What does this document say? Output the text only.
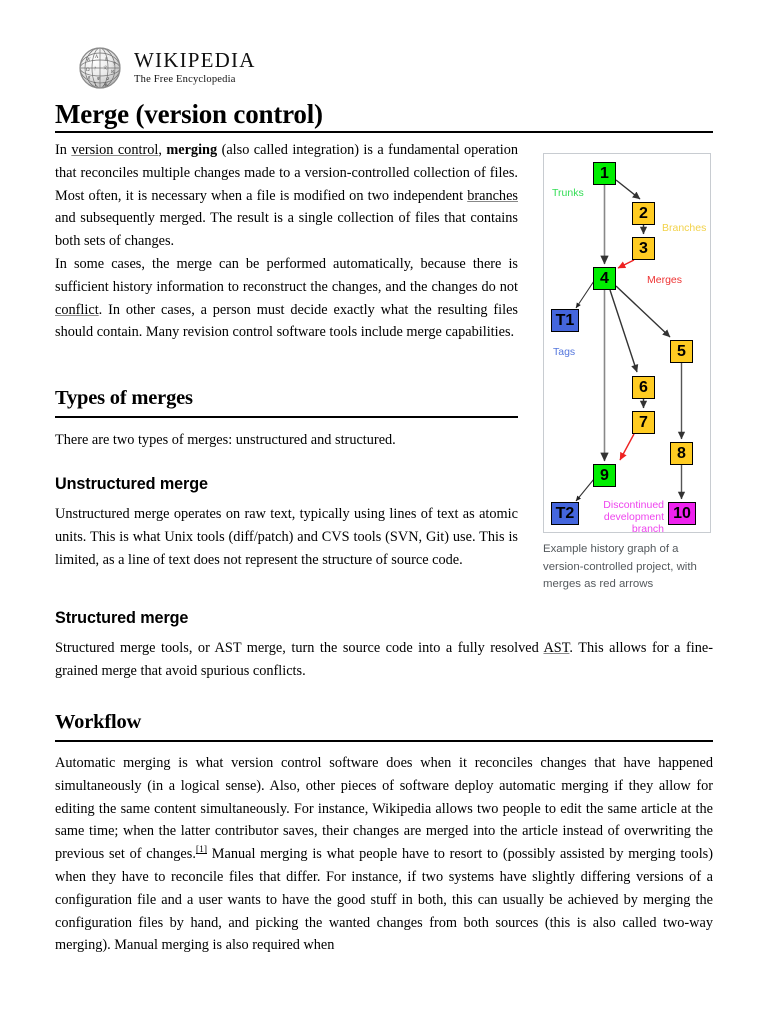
W
A я
ウ
Ω ᚠ 文
ℵ
ह क ي
ไ Ж
WIKIPEDIA
The Free Encyclopedia
Merge (version control)

In version control, merging (also called integration) is a fundamental operation that reconciles multiple changes made to a version-controlled collection of files. Most often, it is necessary when a file is modified on two independent branches and subsequently merged. The result is a single collection of files that contains both sets of changes.

In some cases, the merge can be performed automatically, because there is sufficient history information to reconstruct the changes, and the changes do not conflict. In other cases, a person must decide exactly what the resulting files should contain. Many revision control software tools include merge capabilities.

Types of merges

There are two types of merges: unstructured and structured.

Unstructured merge

Unstructured merge operates on raw text, typically using lines of text as atomic units. This is what Unix tools (diff/patch) and CVS tools (SVN, Git) use. This is limited, as a line of text does not represent the structure of source code.

Structured merge

Structured merge tools, or AST merge, turn the source code into a fully resolved AST. This allows for a fine-grained merge that avoid spurious conflicts.

Workflow

Automatic merging is what version control software does when it reconciles changes that have happened simultaneously (in a logical sense). Also, other pieces of software deploy automatic merging if they allow for editing the same content simultaneously. For instance, Wikipedia allows two people to edit the same article at the same time; when the latter contributor saves, their changes are merged into the article instead of overwriting the previous set of changes.[1] Manual merging is what people have to resort to (possibly assisted by merging tools) when they have to reconcile files that differ. For instance, if two systems have slightly differing versions of a configuration file and a user wants to have the good stuff in both, this can usually be achieved by merging the configuration files by hand, and picking the wanted changes from both sources (this is also called two-way merging). Manual merging is also required when

1
2
3
4
T1
5
6
7
8
9
T2	10
Trunks
Branches
Merges
Tags
Discontinued
development
branch
Example history graph of a version-controlled project, with merges as red arrows
